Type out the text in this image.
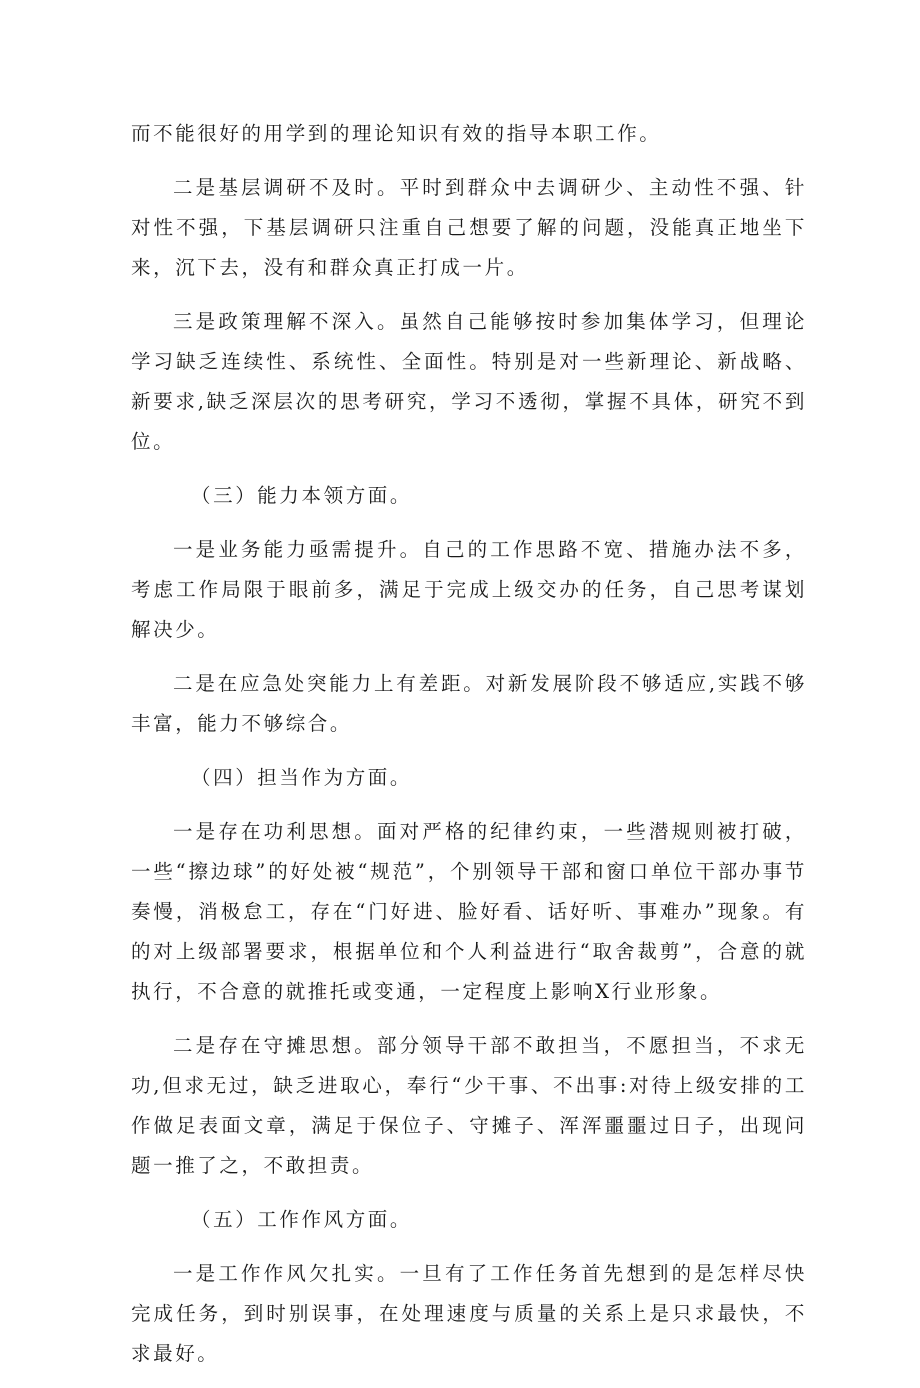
而不能很好的用学到的理论知识有效的指导本职工作。

二是基层调研不及时。平时到群众中去调研少、主动性不强、针对性不强，下基层调研只注重自己想要了解的问题，没能真正地坐下来，沉下去，没有和群众真正打成一片。

三是政策理解不深入。虽然自己能够按时参加集体学习，但理论学习缺乏连续性、系统性、全面性。特别是对一些新理论、新战略、新要求,缺乏深层次的思考研究，学习不透彻，掌握不具体，研究不到位。

（三）能力本领方面。

一是业务能力亟需提升。自己的工作思路不宽、措施办法不多，考虑工作局限于眼前多，满足于完成上级交办的任务，自己思考谋划解决少。

二是在应急处突能力上有差距。对新发展阶段不够适应,实践不够丰富，能力不够综合。

（四）担当作为方面。

一是存在功利思想。面对严格的纪律约束，一些潜规则被打破，一些“擦边球”的好处被“规范”，个别领导干部和窗口单位干部办事节奏慢，消极怠工，存在“门好进、脸好看、话好听、事难办”现象。有的对上级部署要求，根据单位和个人利益进行“取舍裁剪”，合意的就执行，不合意的就推托或变通，一定程度上影响X行业形象。

二是存在守摊思想。部分领导干部不敢担当，不愿担当，不求无功,但求无过，缺乏进取心，奉行“少干事、不出事:对待上级安排的工作做足表面文章，满足于保位子、守摊子、浑浑噩噩过日子，出现问题一推了之，不敢担责。

（五）工作作风方面。

一是工作作风欠扎实。一旦有了工作任务首先想到的是怎样尽快完成任务，到时别误事，在处理速度与质量的关系上是只求最快，不求最好。
